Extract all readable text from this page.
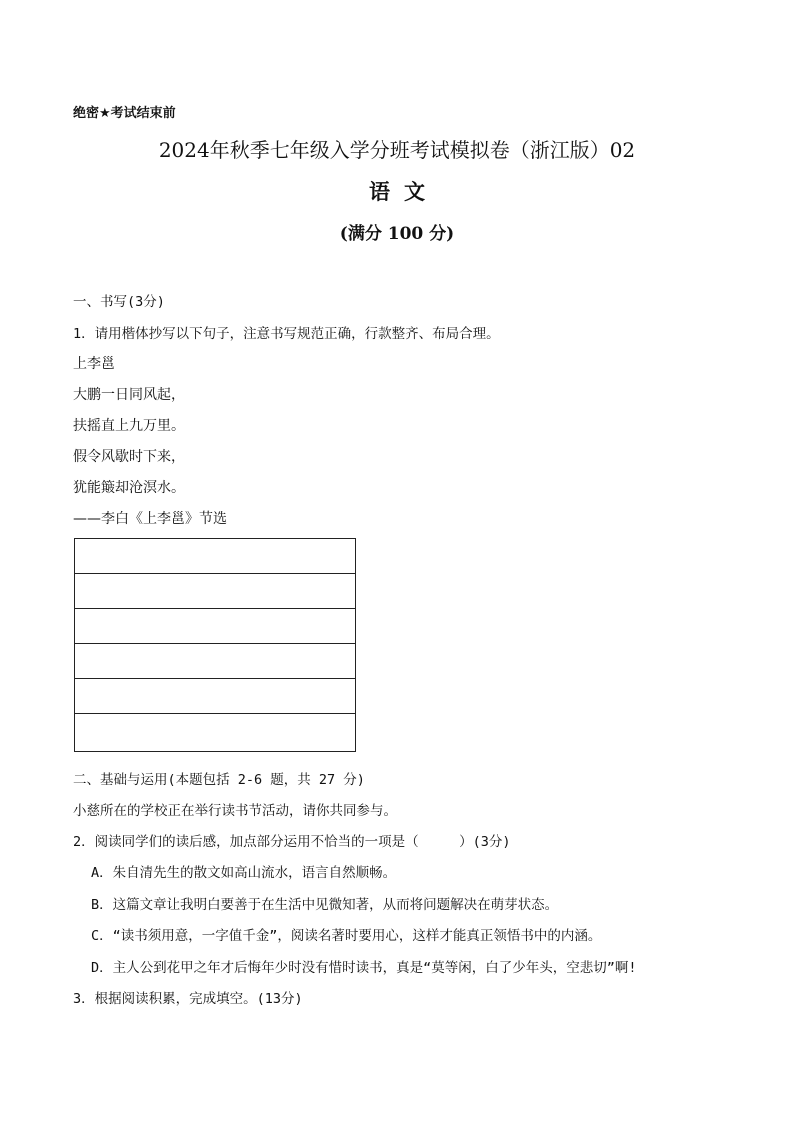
绝密★考试结束前
2024年秋季七年级入学分班考试模拟卷（浙江版）02
语文
(满分 100 分)
一、书写(3分)
1．请用楷体抄写以下句子，注意书写规范正确，行款整齐、布局合理。
上李邕
大鹏一日同风起，
扶摇直上九万里。
假令风歇时下来，
犹能簸却沧溟水。
——李白《上李邕》节选
二、基础与运用(本题包括 2-6 题，共 27 分)
小慈所在的学校正在举行读书节活动，请你共同参与。
2．阅读同学们的读后感，加点部分运用不恰当的一项是（　　　）(3分)
A．朱自清先生的散文如高山流水，语言自然顺畅。
B．这篇文章让我明白要善于在生活中见微知著，从而将问题解决在萌芽状态。
C．“读书须用意，一字值千金”，阅读名著时要用心，这样才能真正领悟书中的内涵。
D．主人公到花甲之年才后悔年少时没有惜时读书，真是“莫等闲，白了少年头，空悲切”啊!
3．根据阅读积累，完成填空。(13分)
